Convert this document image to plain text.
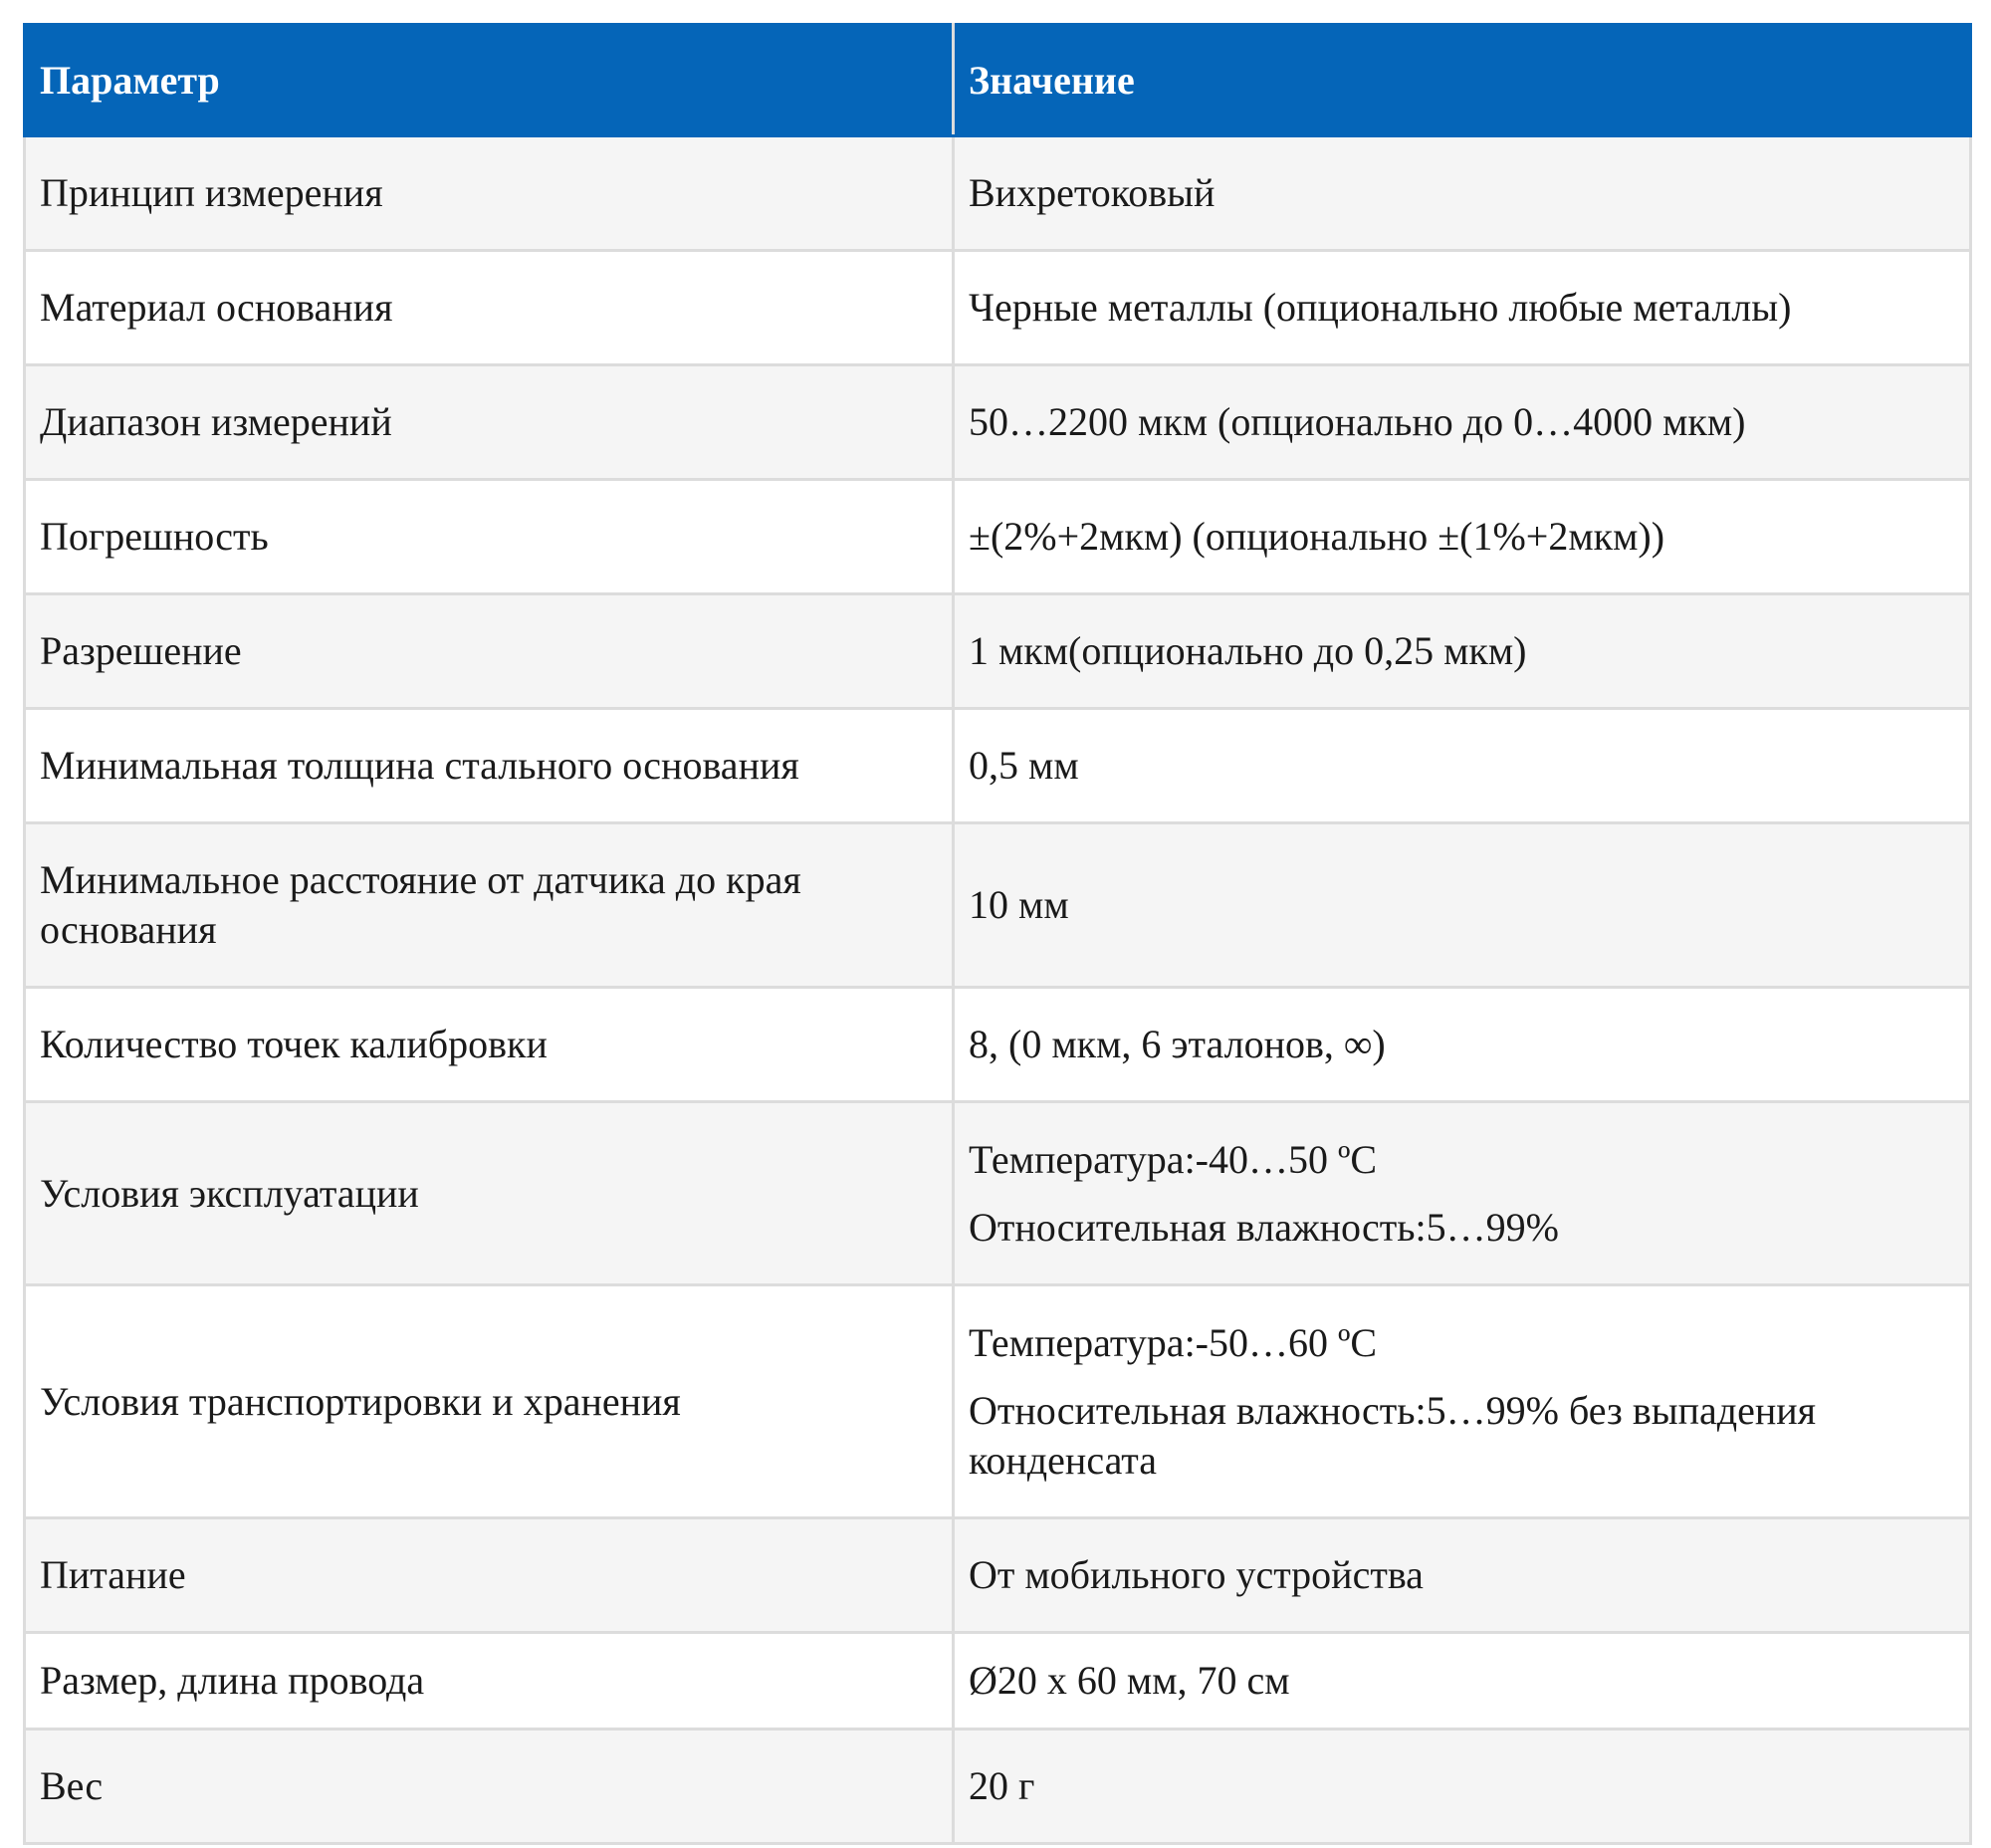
Параметр	Значение
Принцип измерения	Вихретоковый

Материал основания	Черные металлы (опционально любые металлы)

Диапазон измерений	50…2200 мкм (опционально до 0…4000 мкм)

Погрешность	±(2%+2мкм) (опционально ±(1%+2мкм))

Разрешение	1 мкм(опционально до 0,25 мкм)

Минимальная толщина стального основания	0,5 мм

Минимальное расстояние от датчика до края основания	10 мм

Количество точек калибровки	8, (0 мкм, 6 эталонов, ∞)

Условия эксплуатации	Температура:-40…50 ºС
Относительная влажность:5…99%

Условия транспортировки и хранения	Температура:-50…60 ºС
Относительная влажность:5…99% без выпадения конденсата

Питание	От мобильного устройства

Размер, длина провода	Ø20 х 60 мм, 70 см

Вес	20 г
